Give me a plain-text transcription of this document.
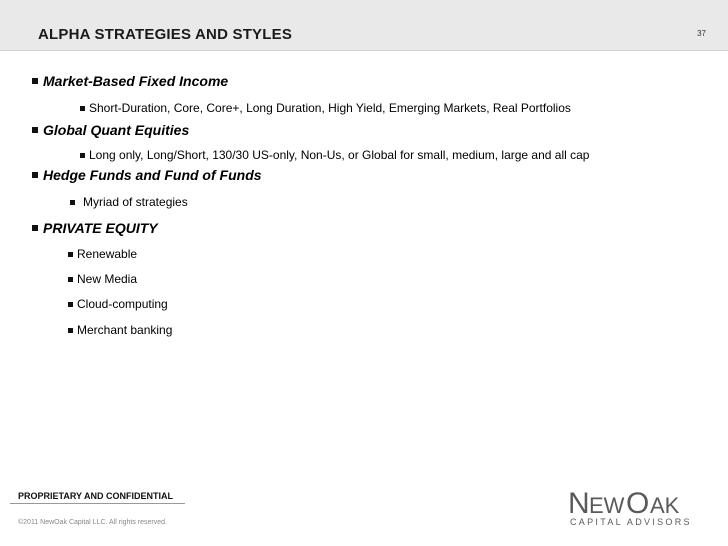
ALPHA STRATEGIES AND STYLES	37
Market-Based Fixed Income
Short-Duration, Core, Core+, Long Duration, High Yield, Emerging Markets, Real Portfolios
Global Quant Equities
Long only, Long/Short, 130/30 US-only, Non-Us, or Global for small, medium, large and all cap
Hedge Funds and Fund of Funds
Myriad of strategies
PRIVATE EQUITY
Renewable
New Media
Cloud-computing
Merchant banking
PROPRIETARY AND CONFIDENTIAL
©2011 NewOak Capital LLC. All rights reserved.
N EW O AK
CAPITAL ADVISORS
